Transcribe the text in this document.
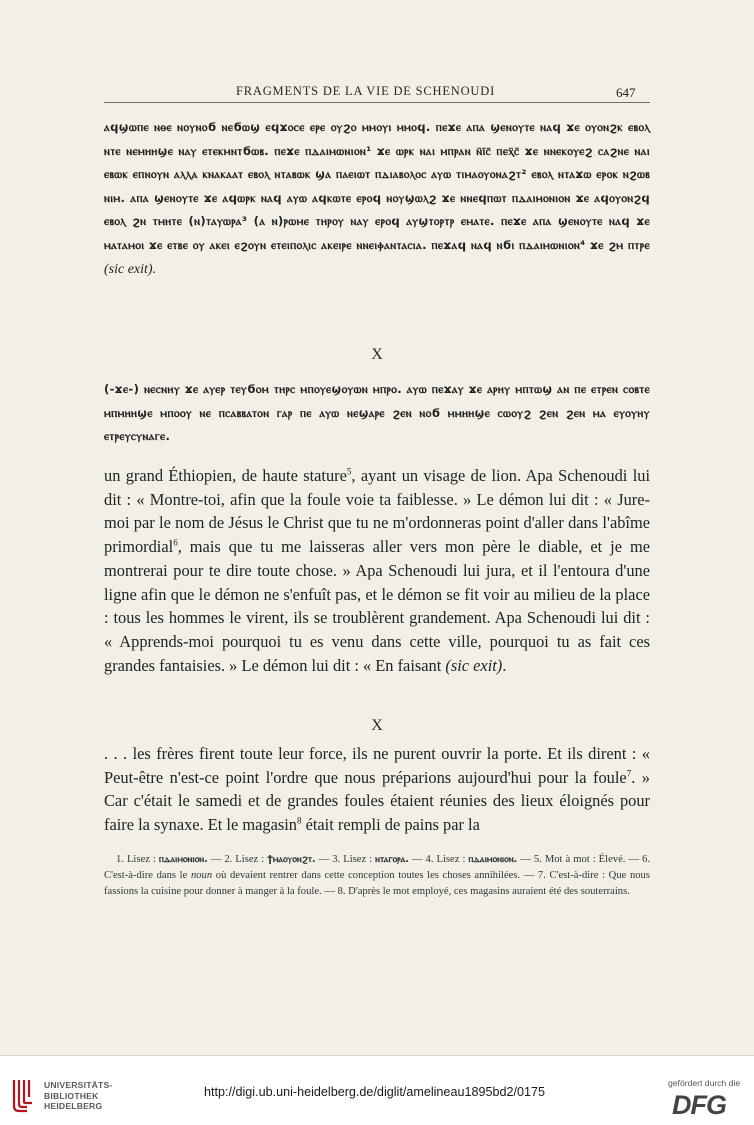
FRAGMENTS DE LA VIE DE SCHENOUDI	647

ⲁϥϣⲱⲡⲉ ⲛⲑⲉ ⲛⲟⲩⲛⲟϭ ⲛⲉϭⲱϣ ⲉϥϫⲟⲥⲉ ⲉⲣⲉ ⲟⲩϩⲟ ⲙⲙⲟⲩⲓ ⲙⲙⲟϥ. ⲡⲉϫⲉ ⲁⲡⲁ ϣⲉⲛⲟⲩⲧⲉ ⲛⲁϥ ϫⲉ ⲟⲩⲟⲛϩⲕ ⲉⲃⲟⲗ ⲛⲧⲉ ⲛⲉⲙⲏⲏϣⲉ ⲛⲁⲩ ⲉⲧⲉⲕⲙⲛⲧϭⲱⲃ. ⲡⲉϫⲉ ⲡⲇⲁⲓⲙⲱⲛⲓⲟⲛ¹ ϫⲉ ⲱⲣⲕ ⲛⲁⲓ ⲙⲡⲣⲁⲛ ⲛ̄ⲓ̄ⲥ̄ ⲡⲉⲭ̄ⲥ̄ ϫⲉ ⲛⲛⲉⲕⲟⲩⲉϩ ⲥⲁϩⲛⲉ ⲛⲁⲓ ⲉⲃⲱⲕ ⲉⲡⲛⲟⲩⲛ ⲁⲗⲗⲁ ⲕⲛⲁⲕⲁⲁⲧ ⲉⲃⲟⲗ ⲛⲧⲁⲃⲱⲕ ϣⲁ ⲡⲁⲉⲓⲱⲧ ⲡⲇⲓⲁⲃⲟⲗⲟⲥ ⲁⲩⲱ ⲧⲓⲙⲁⲟⲩⲟⲛⲁϩⲧ² ⲉⲃⲟⲗ ⲛⲧⲁϫⲱ ⲉⲣⲟⲕ ⲛϩⲱⲃ ⲛⲓⲙ. ⲁⲡⲁ ϣⲉⲛⲟⲩⲧⲉ ϫⲉ ⲁϥⲱⲣⲕ ⲛⲁϥ ⲁⲩⲱ ⲁϥⲕⲱⲧⲉ ⲉⲣⲟϥ ⲛⲟⲩϣⲱⲗϩ ϫⲉ ⲛⲛⲉϥⲡⲱⲧ ⲡⲇⲁⲓⲙⲟⲛⲓⲟⲛ ϫⲉ ⲁϥⲟⲩⲟⲛϩϥ ⲉⲃⲟⲗ ϩⲛ ⲧⲙⲏⲧⲉ (ⲛ)ⲧⲁⲩⲱⲣⲁ³ (ⲁ ⲛ)ⲣⲱⲙⲉ ⲧⲏⲣⲟⲩ ⲛⲁⲩ ⲉⲣⲟϥ ⲁⲩϣⲧⲟⲣⲧⲣ ⲉⲙⲁⲧⲉ. ⲡⲉϫⲉ ⲁⲡⲁ ϣⲉⲛⲟⲩⲧⲉ ⲛⲁϥ ϫⲉ ⲙⲁⲧⲁⲙⲟⲓ ϫⲉ ⲉⲧⲃⲉ ⲟⲩ ⲁⲕⲉⲓ ⲉϩⲟⲩⲛ ⲉⲧⲉⲓⲡⲟⲗⲓⲥ ⲁⲕⲉⲓⲣⲉ ⲛⲛⲉⲓⲫⲁⲛⲧⲁⲥⲓⲁ. ⲡⲉϫⲁϥ ⲛⲁϥ ⲛϭⲓ ⲡⲇⲁⲓⲙⲱⲛⲓⲟⲛ⁴ ϫⲉ ϩⲙ ⲡⲧⲣⲉ (sic exit).

X

(-ϫⲉ-) ⲛⲉⲥⲛⲏⲩ ϫⲉ ⲁⲩⲉⲣ ⲧⲉⲩϭⲟⲙ ⲧⲏⲣⲥ ⲙⲡⲟⲩⲉϣⲟⲩⲱⲛ ⲙⲡⲣⲟ. ⲁⲩⲱ ⲡⲉϫⲁⲩ ϫⲉ ⲁⲣⲏⲩ ⲙⲡⲧⲱϣ ⲁⲛ ⲡⲉ ⲉⲧⲣⲉⲛ ⲥⲟⲃⲧⲉ ⲙⲡⲙⲏⲏϣⲉ ⲙⲡⲟⲟⲩ ⲛⲉ ⲡⲥⲁⲃⲃⲁⲧⲟⲛ ⲅⲁⲣ ⲡⲉ ⲁⲩⲱ ⲛⲉϣⲁⲣⲉ ϩⲉⲛ ⲛⲟϭ ⲙⲙⲏⲏϣⲉ ⲥⲱⲟⲩϩ ϩⲉⲛ ϩⲉⲛ ⲙⲁ ⲉⲩⲟⲩⲏⲩ ⲉⲧⲣⲉⲩⲥⲩⲛⲁⲅⲉ.

un grand Éthiopien, de haute stature$^5$, ayant un visage de lion. Apa Schenoudi lui dit : « Montre-toi, afin que la foule voie ta faiblesse. » Le démon lui dit : « Jure-moi par le nom de Jésus le Christ que tu ne m'ordonneras point d'aller dans l'abîme primordial$^6$, mais que tu me laisseras aller vers mon père le diable, et je me montrerai pour te dire toute chose. » Apa Schenoudi lui jura, et il l'entoura d'une ligne afin que le démon ne s'enfuît pas, et le démon se fit voir au milieu de la place : tous les hommes le virent, ils se troublèrent grandement. Apa Schenoudi lui dit : « Apprends-moi pourquoi tu es venu dans cette ville, pourquoi tu as fait ces grandes fantaisies. » Le démon lui dit : « En faisant (sic exit).

X

. . . les frères firent toute leur force, ils ne purent ouvrir la porte. Et ils dirent : « Peut-être n'est-ce point l'ordre que nous préparions aujourd'hui pour la foule$^7$. » Car c'était le samedi et de grandes foules étaient réunies des lieux éloignés pour faire la synaxe. Et le magasin$^8$ était rempli de pains par la

1. Lisez : ⲡⲇⲁⲓⲙⲟⲛⲓⲟⲛ. — 2. Lisez : ϯⲙⲁⲟⲩⲟⲛϩⲧ. — 3. Lisez : ⲛⲧⲁⲅⲟⲣⲁ. — 4. Lisez : ⲡⲇⲁⲓⲙⲟⲛⲓⲟⲛ. — 5. Mot à mot : Élevé. — 6. C'est-à-dire dans le noun où devaient rentrer dans cette conception toutes les choses annihilées. — 7. C'est-à-dire : Que nous fassions la cuisine pour donner à manger à la foule. — 8. D'après le mot employé, ces magasins auraient été des souterrains.

UNIVERSITÄTS-
BIBLIOTHEK
HEIDELBERG
http://digi.ub.uni-heidelberg.de/diglit/amelineau1895bd2/0175
gefördert durch die
DFG
